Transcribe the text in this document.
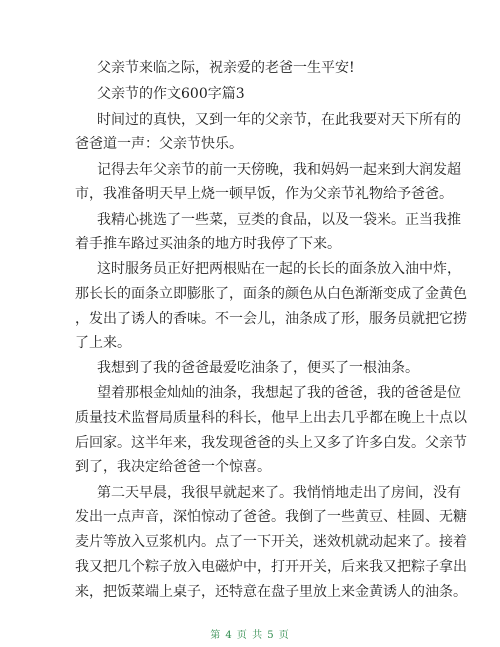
父亲节来临之际，祝亲爱的老爸一生平安!
父亲节的作文600字篇3
时间过的真快，又到一年的父亲节，在此我要对天下所有的
爸爸道一声：父亲节快乐。
记得去年父亲节的前一天傍晚，我和妈妈一起来到大润发超
市，我准备明天早上烧一顿早饭，作为父亲节礼物给予爸爸。
我精心挑选了一些菜，豆类的食品，以及一袋米。正当我推
着手推车路过买油条的地方时我停了下来。
这时服务员正好把两根贴在一起的长长的面条放入油中炸，
那长长的面条立即膨胀了，面条的颜色从白色渐渐变成了金黄色
，发出了诱人的香味。不一会儿，油条成了形，服务员就把它捞
了上来。
我想到了我的爸爸最爱吃油条了，便买了一根油条。
望着那根金灿灿的油条，我想起了我的爸爸，我的爸爸是位
质量技术监督局质量科的科长，他早上出去几乎都在晚上十点以
后回家。这半年来，我发现爸爸的头上又多了许多白发。父亲节
到了，我决定给爸爸一个惊喜。
第二天早晨，我很早就起来了。我悄悄地走出了房间，没有
发出一点声音，深怕惊动了爸爸。我倒了一些黄豆、桂圆、无糖
麦片等放入豆浆机内。点了一下开关，迷效机就动起来了。接着
我又把几个粽子放入电磁炉中，打开开关，后来我又把粽子拿出
来，把饭菜端上桌子，还特意在盘子里放上来金黄诱人的油条。
第 4 页 共 5 页
